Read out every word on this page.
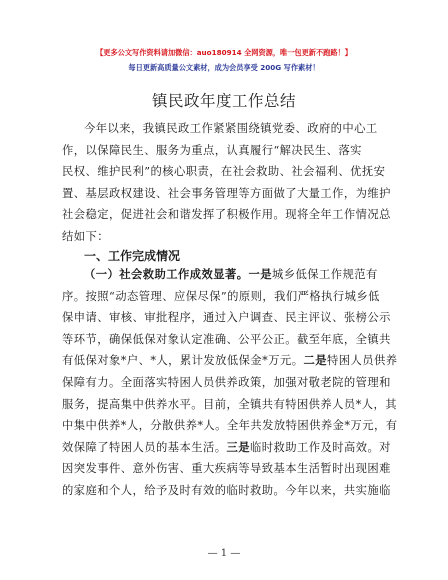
【更多公文写作资料请加微信：auo180914 全网资源，唯一包更新不跑路！】
每日更新高质量公文素材，成为会员享受 200G 写作素材！
镇民政年度工作总结
今年以来，我镇民政工作紧紧围绕镇党委、政府的中心工
作，以保障民生、服务为重点，认真履行“解决民生、落实
民权、维护民利”的核心职责，在社会救助、社会福利、优抚安
置、基层政权建设、社会事务管理等方面做了大量工作，为维护
社会稳定，促进社会和谐发挥了积极作用。现将全年工作情况总
结如下：
一、工作完成情况
（一）社会救助工作成效显著。一是城乡低保工作规范有
序。按照“动态管理、应保尽保”的原则，我们严格执行城乡低
保申请、审核、审批程序，通过入户调查、民主评议、张榜公示
等环节，确保低保对象认定准确、公平公正。截至年底，全镇共
有低保对象*户、*人，累计发放低保金*万元。二是特困人员供养
保障有力。全面落实特困人员供养政策，加强对敬老院的管理和
服务，提高集中供养水平。目前，全镇共有特困供养人员*人，其
中集中供养*人，分散供养*人。全年共发放特困供养金*万元，有
效保障了特困人员的基本生活。三是临时救助工作及时高效。对
因突发事件、意外伤害、重大疾病等导致基本生活暂时出现困难
的家庭和个人，给予及时有效的临时救助。今年以来，共实施临
— 1 —
